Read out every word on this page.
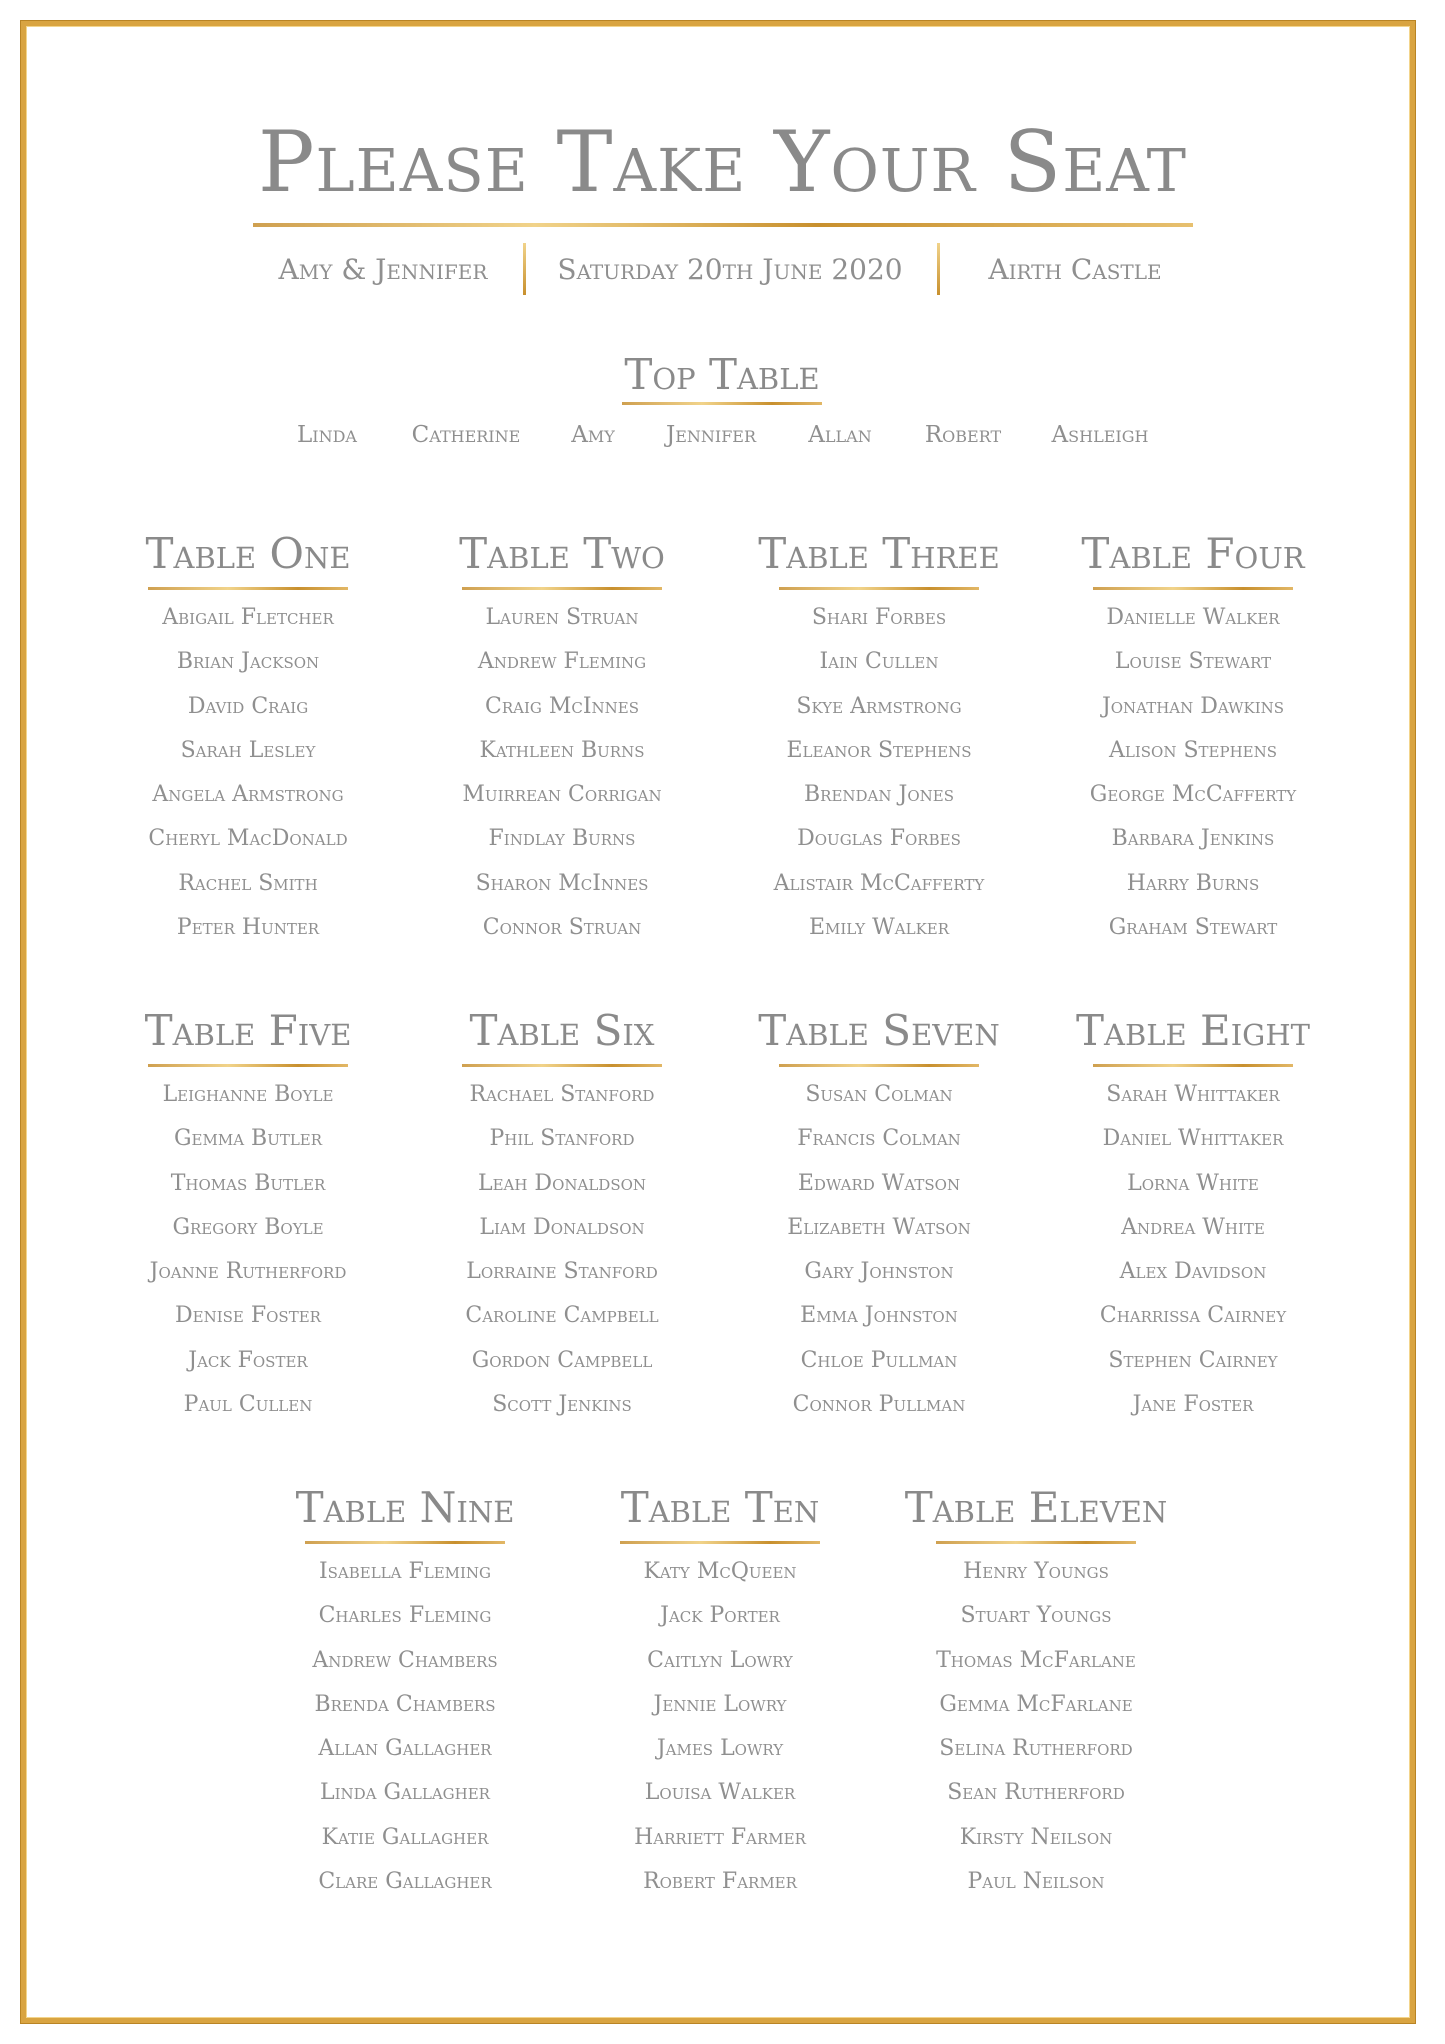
Please Take Your Seat
Amy & Jennifer	Saturday 20th June 2020	Airth Castle
Top Table
Linda Catherine Amy Jennifer Allan Robert Ashleigh
Table One
Abigail Fletcher
Brian Jackson
David Craig
Sarah Lesley
Angela Armstrong
Cheryl MacDonald
Rachel Smith
Peter Hunter
Table Two
Lauren Struan
Andrew Fleming
Craig McInnes
Kathleen Burns
Muirrean Corrigan
Findlay Burns
Sharon McInnes
Connor Struan
Table Three
Shari Forbes
Iain Cullen
Skye Armstrong
Eleanor Stephens
Brendan Jones
Douglas Forbes
Alistair McCafferty
Emily Walker
Table Four
Danielle Walker
Louise Stewart
Jonathan Dawkins
Alison Stephens
George McCafferty
Barbara Jenkins
Harry Burns
Graham Stewart
Table Five
Leighanne Boyle
Gemma Butler
Thomas Butler
Gregory Boyle
Joanne Rutherford
Denise Foster
Jack Foster
Paul Cullen
Table Six
Rachael Stanford
Phil Stanford
Leah Donaldson
Liam Donaldson
Lorraine Stanford
Caroline Campbell
Gordon Campbell
Scott Jenkins
Table Seven
Susan Colman
Francis Colman
Edward Watson
Elizabeth Watson
Gary Johnston
Emma Johnston
Chloe Pullman
Connor Pullman
Table Eight
Sarah Whittaker
Daniel Whittaker
Lorna White
Andrea White
Alex Davidson
Charrissa Cairney
Stephen Cairney
Jane Foster
Table Nine
Isabella Fleming
Charles Fleming
Andrew Chambers
Brenda Chambers
Allan Gallagher
Linda Gallagher
Katie Gallagher
Clare Gallagher
Table Ten
Katy McQueen
Jack Porter
Caitlyn Lowry
Jennie Lowry
James Lowry
Louisa Walker
Harriett Farmer
Robert Farmer
Table Eleven
Henry Youngs
Stuart Youngs
Thomas McFarlane
Gemma McFarlane
Selina Rutherford
Sean Rutherford
Kirsty Neilson
Paul Neilson
